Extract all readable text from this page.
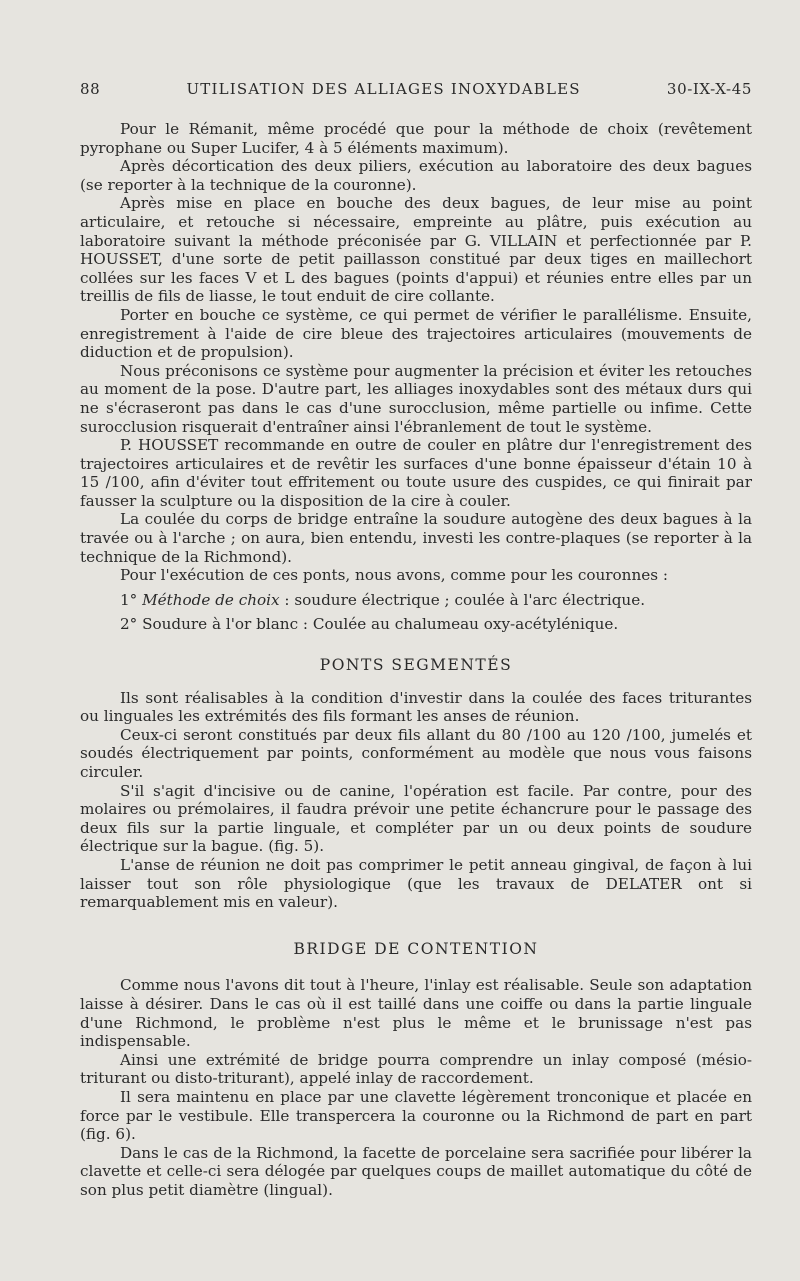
88	UTILISATION DES ALLIAGES INOXYDABLES	30-IX-X-45

Pour le Rémanit, même procédé que pour la méthode de choix (revêtement pyrophane ou Super Lucifer, 4 à 5 éléments maximum).

Après décortication des deux piliers, exécution au laboratoire des deux bagues (se reporter à la technique de la couronne).

Après mise en place en bouche des deux bagues, de leur mise au point articulaire, et retouche si nécessaire, empreinte au plâtre, puis exécution au laboratoire suivant la méthode préconisée par G. VILLAIN et perfectionnée par P. HOUSSET, d'une sorte de petit paillasson constitué par deux tiges en maillechort collées sur les faces V et L des bagues (points d'appui) et réunies entre elles par un treillis de fils de liasse, le tout enduit de cire collante.

Porter en bouche ce système, ce qui permet de vérifier le parallélisme. Ensuite, enregistrement à l'aide de cire bleue des trajectoires articulaires (mouvements de diduction et de propulsion).

Nous préconisons ce système pour augmenter la précision et éviter les retouches au moment de la pose. D'autre part, les alliages inoxydables sont des métaux durs qui ne s'écraseront pas dans le cas d'une surocclusion, même partielle ou infime. Cette surocclusion risquerait d'entraîner ainsi l'ébranlement de tout le système.

P. HOUSSET recommande en outre de couler en plâtre dur l'enregistrement des trajectoires articulaires et de revêtir les surfaces d'une bonne épaisseur d'étain 10 à 15 /100, afin d'éviter tout effritement ou toute usure des cuspides, ce qui finirait par fausser la sculpture ou la disposition de la cire à couler.

La coulée du corps de bridge entraîne la soudure autogène des deux bagues à la travée ou à l'arche ; on aura, bien entendu, investi les contre-plaques (se reporter à la technique de la Richmond).

Pour l'exécution de ces ponts, nous avons, comme pour les couronnes :

1° Méthode de choix : soudure électrique ; coulée à l'arc électrique.

2° Soudure à l'or blanc : Coulée au chalumeau oxy-acétylénique.

PONTS SEGMENTÉS

Ils sont réalisables à la condition d'investir dans la coulée des faces triturantes ou linguales les extrémités des fils formant les anses de réunion.

Ceux-ci seront constitués par deux fils allant du 80 /100 au 120 /100, jumelés et soudés électriquement par points, conformément au modèle que nous vous faisons circuler.

S'il s'agit d'incisive ou de canine, l'opération est facile. Par contre, pour des molaires ou prémolaires, il faudra prévoir une petite échancrure pour le passage des deux fils sur la partie linguale, et compléter par un ou deux points de soudure électrique sur la bague. (fig. 5).

L'anse de réunion ne doit pas comprimer le petit anneau gingival, de façon à lui laisser tout son rôle physiologique (que les travaux de DELATER ont si remarquablement mis en valeur).

BRIDGE DE CONTENTION

Comme nous l'avons dit tout à l'heure, l'inlay est réalisable. Seule son adaptation laisse à désirer. Dans le cas où il est taillé dans une coiffe ou dans la partie linguale d'une Richmond, le problème n'est plus le même et le brunissage n'est pas indispensable.

Ainsi une extrémité de bridge pourra comprendre un inlay composé (mésio-triturant ou disto-triturant), appelé inlay de raccordement.

Il sera maintenu en place par une clavette légèrement tronconique et placée en force par le vestibule. Elle transpercera la couronne ou la Richmond de part en part (fig. 6).

Dans le cas de la Richmond, la facette de porcelaine sera sacrifiée pour libérer la clavette et celle-ci sera délogée par quelques coups de maillet automatique du côté de son plus petit diamètre (lingual).
